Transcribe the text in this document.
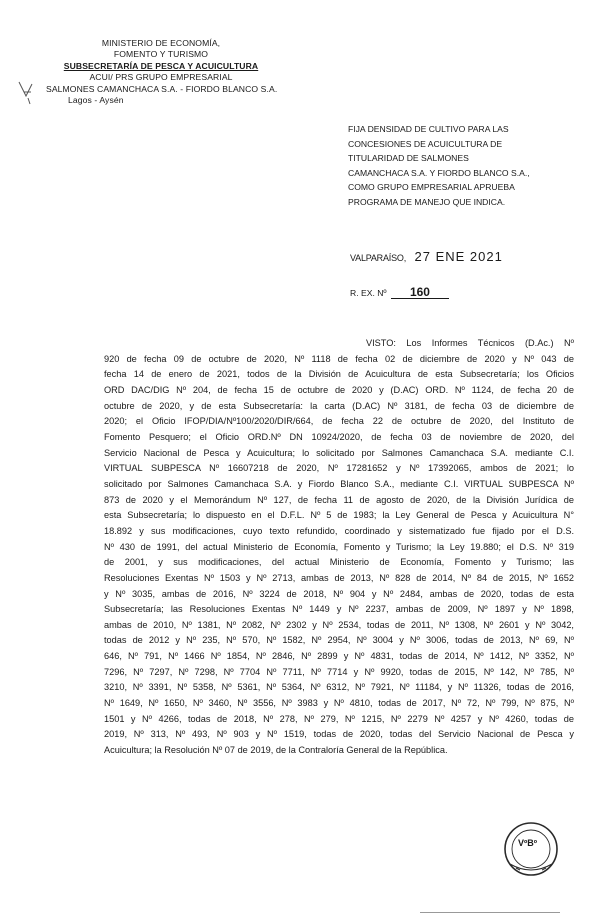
MINISTERIO DE ECONOMÍA,
FOMENTO Y TURISMO
SUBSECRETARÍA DE PESCA Y ACUICULTURA
ACUI/ PRS GRUPO EMPRESARIAL
SALMONES CAMANCHACA S.A. - FIORDO BLANCO S.A.
Lagos - Aysén
FIJA DENSIDAD DE CULTIVO PARA LAS
CONCESIONES DE ACUICULTURA DE
TITULARIDAD DE SALMONES
CAMANCHACA S.A. Y FIORDO BLANCO S.A.,
COMO GRUPO EMPRESARIAL APRUEBA
PROGRAMA DE MANEJO QUE INDICA.
VALPARAÍSO, 27 ENE 2021
R. EX. Nº 160
VISTO: Los Informes Técnicos (D.Ac.) Nº
920 de fecha 09 de octubre de 2020, Nº 1118 de fecha 02 de diciembre de 2020 y Nº 043 de
fecha 14 de enero de 2021, todos de la División de Acuicultura de esta Subsecretaría; los Oficios
ORD DAC/DIG Nº 204, de fecha 15 de octubre de 2020 y (D.AC) ORD. Nº 1124, de fecha 20 de
octubre de 2020, y de esta Subsecretaría: la carta (D.AC) Nº 3181, de fecha 03 de diciembre de
2020; el Oficio IFOP/DIA/Nº100/2020/DIR/664, de fecha 22 de octubre de 2020, del Instituto de
Fomento Pesquero; el Oficio ORD.Nº DN 10924/2020, de fecha 03 de noviembre de 2020, del
Servicio Nacional de Pesca y Acuicultura; lo solicitado por Salmones Camanchaca S.A. mediante C.I.
VIRTUAL SUBPESCA Nº 16607218 de 2020, Nº 17281652 y Nº 17392065, ambos de 2021; lo
solicitado por Salmones Camanchaca S.A. y Fiordo Blanco S.A., mediante C.I. VIRTUAL SUBPESCA Nº
873 de 2020 y el Memorándum Nº 127, de fecha 11 de agosto de 2020, de la División Jurídica de
esta Subsecretaría; lo dispuesto en el D.F.L. Nº 5 de 1983; la Ley General de Pesca y Acuicultura N°
18.892 y sus modificaciones, cuyo texto refundido, coordinado y sistematizado fue fijado por el D.S.
Nº 430 de 1991, del actual Ministerio de Economía, Fomento y Turismo; la Ley 19.880; el D.S. Nº 319
de 2001, y sus modificaciones, del actual Ministerio de Economía, Fomento y Turismo; las
Resoluciones Exentas Nº 1503 y Nº 2713, ambas de 2013, Nº 828 de 2014, Nº 84 de 2015, Nº 1652
y Nº 3035, ambas de 2016, Nº 3224 de 2018, Nº 904 y Nº 2484, ambas de 2020, todas de esta
Subsecretaría; las Resoluciones Exentas Nº 1449 y Nº 2237, ambas de 2009, Nº 1897 y Nº 1898,
ambas de 2010, Nº 1381, Nº 2082, Nº 2302 y Nº 2534, todas de 2011, Nº 1308, Nº 2601 y Nº 3042,
todas de 2012 y Nº 235, Nº 570, Nº 1582, Nº 2954, Nº 3004 y Nº 3006, todas de 2013, Nº 69, Nº
646, Nº 791, Nº 1466 Nº 1854, Nº 2846, Nº 2899 y Nº 4831, todas de 2014, Nº 1412, Nº 3352, Nº
7296, Nº 7297, Nº 7298, Nº 7704 Nº 7711, Nº 7714 y Nº 9920, todas de 2015, Nº 142, Nº 785, Nº
3210, Nº 3391, Nº 5358, Nº 5361, Nº 5364, Nº 6312, Nº 7921, Nº 11184, y Nº 11326, todas de 2016,
Nº 1649, Nº 1650, Nº 3460, Nº 3556, Nº 3983 y Nº 4810, todas de 2017, Nº 72, Nº 799, Nº 875, Nº
1501 y Nº 4266, todas de 2018, Nº 278, Nº 279, Nº 1215, Nº 2279 Nº 4257 y Nº 4260, todas de
2019, Nº 313, Nº 493, Nº 903 y Nº 1519, todas de 2020, todas del Servicio Nacional de Pesca y
Acuicultura; la Resolución Nº 07 de 2019, de la Contraloría General de la República.
VºBº
